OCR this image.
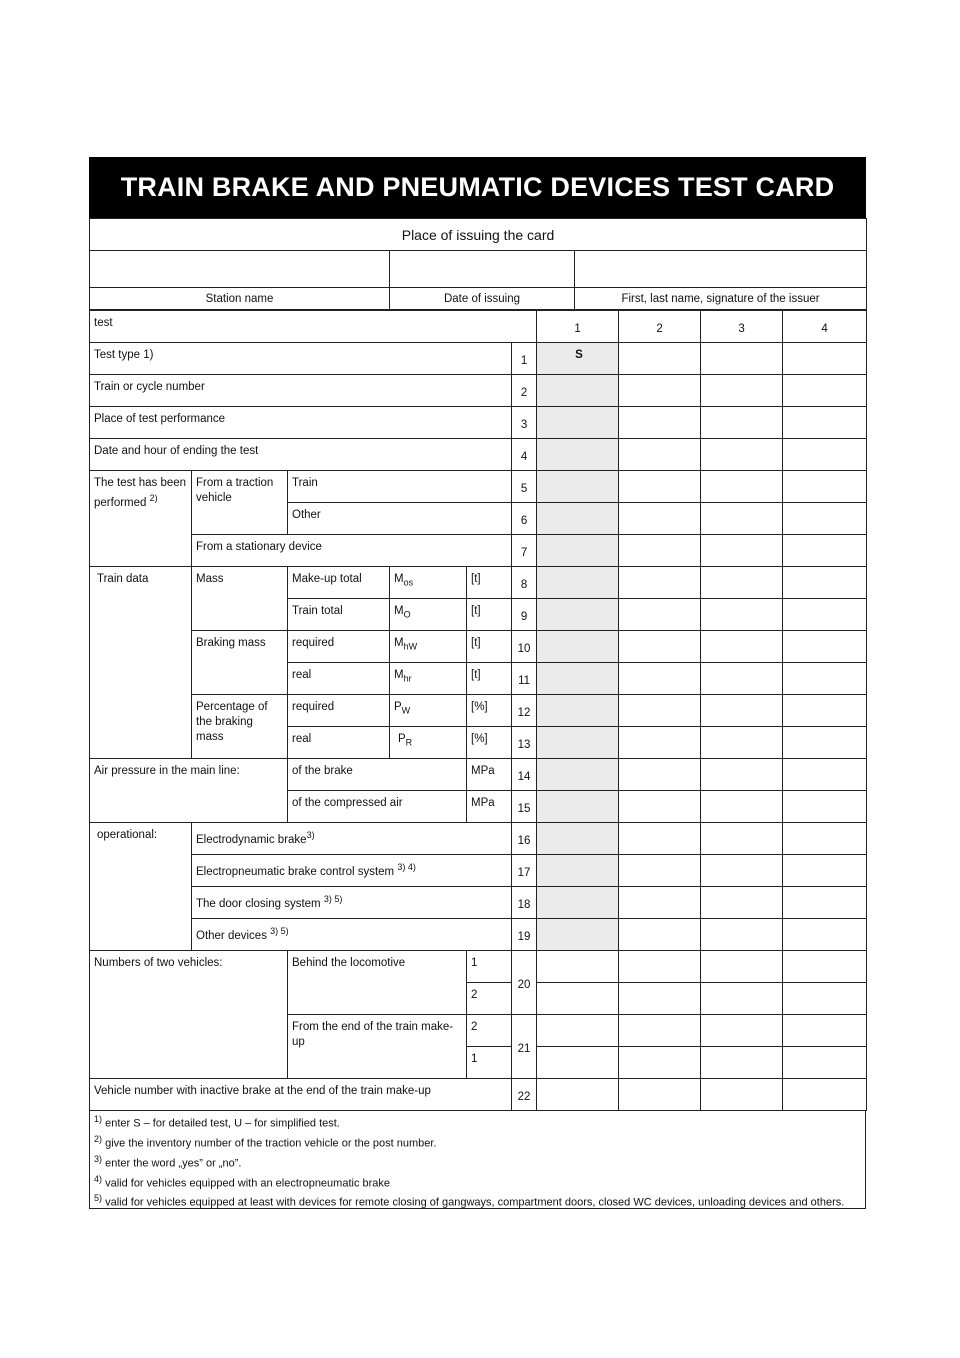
TRAIN BRAKE AND PNEUMATIC DEVICES TEST CARD
Place of issuing the card		

Station name	Date of issuing	First, last name, signature of the issuer
test						1	2	3	4
Test type 1)					1	S			
Train or cycle number					2				
Place of test performance					3				
Date and hour of ending the test					4				
The test has been performed $^{2)}$	From a traction vehicle	Train			5				
		Other			6				
	From a stationary device				7				
Train data	Mass	Make-up total	$M_{os}$	[t]	8				
		Train total	$M_O$	[t]	9				
	Braking mass	required	$M_{hW}$	[t]	10				
		real	$M_{hr}$	[t]	11				
	Percentage of the braking mass	required	$P_W$	[%]	12				
		real	$P_R$	[%]	13				
Air pressure in the main line:		of the brake		MPa	14				
		of the compressed air		MPa	15				
operational:	Electrodynamic brake$^{3)}$				16				
	Electropneumatic brake control system $^{3) 4)}$				17				
	The door closing system $^{3) 5)}$				18				
	Other devices $^{3) 5)}$				19				
Numbers of two vehicles:		Behind the locomotive		1	20				
				2					
		From the end of the train make-up		2	21				
				1					
Vehicle number with inactive brake at the end of the train make-up					22				
$^{1)}$ enter S – for detailed test, U – for simplified test.
$^{2)}$ give the inventory number of the traction vehicle or the post number.
$^{3)}$ enter the word „yes” or „no”.
$^{4)}$ valid for vehicles equipped with an electropneumatic brake
$^{5)}$ valid for vehicles equipped at least with devices for remote closing of gangways, compartment doors, closed WC devices, unloading devices and others.
